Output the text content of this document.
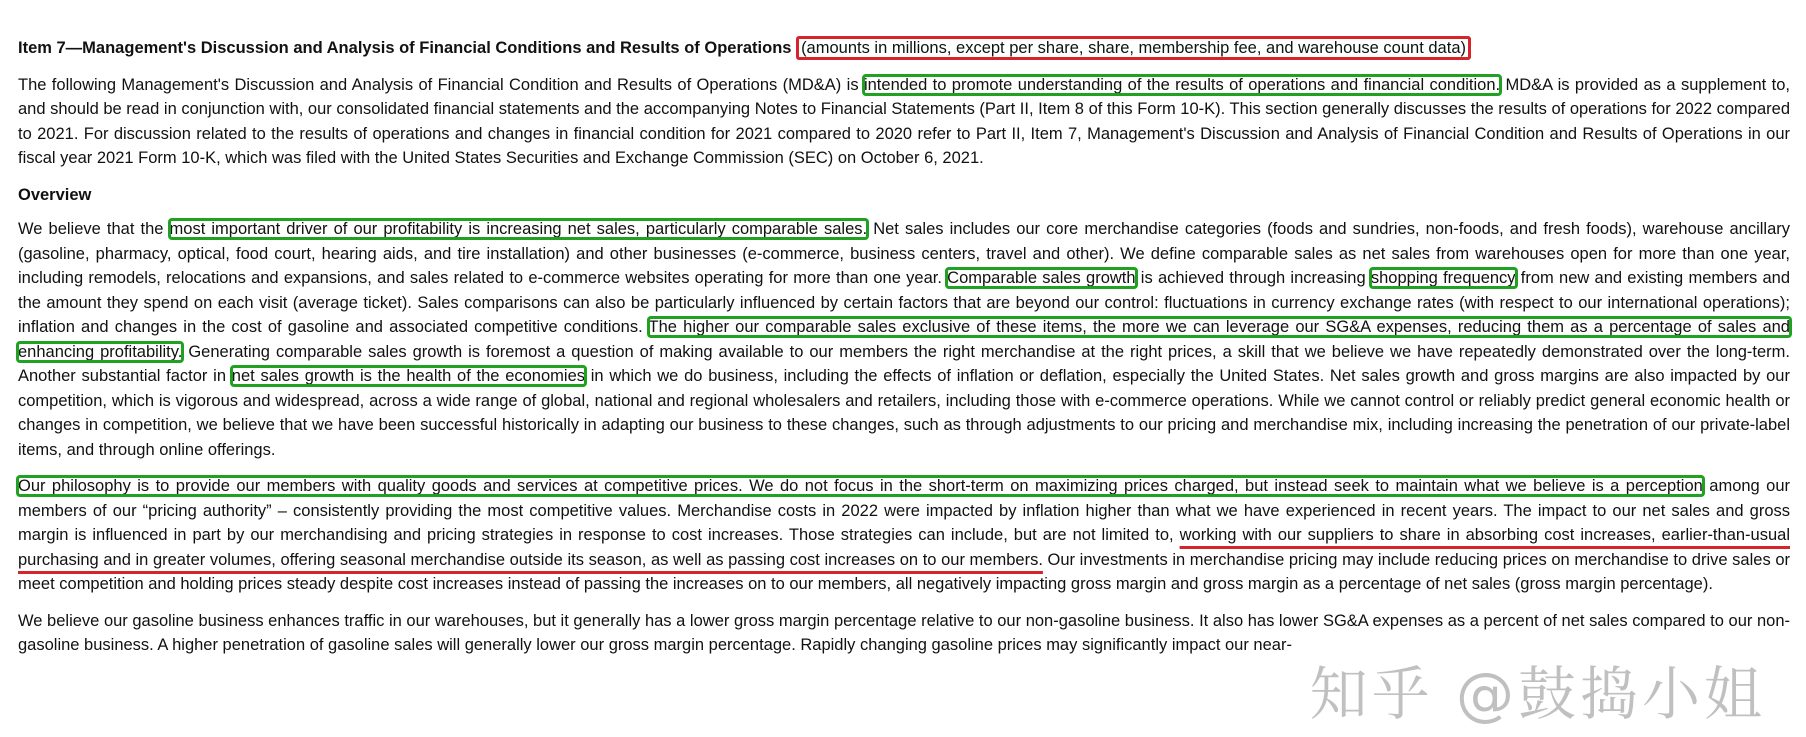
Item 7—Management's Discussion and Analysis of Financial Conditions and Results of Operations (amounts in millions, except per share, share, membership fee, and warehouse count data)

The following Management's Discussion and Analysis of Financial Condition and Results of Operations (MD&A) is intended to promote understanding of the results of operations and financial condition. MD&A is provided as a supplement to, and should be read in conjunction with, our consolidated financial statements and the accompanying Notes to Financial Statements (Part II, Item 8 of this Form 10-K). This section generally discusses the results of operations for 2022 compared to 2021. For discussion related to the results of operations and changes in financial condition for 2021 compared to 2020 refer to Part II, Item 7, Management's Discussion and Analysis of Financial Condition and Results of Operations in our fiscal year 2021 Form 10-K, which was filed with the United States Securities and Exchange Commission (SEC) on October 6, 2021.

Overview

We believe that the most important driver of our profitability is increasing net sales, particularly comparable sales. Net sales includes our core merchandise categories (foods and sundries, non-foods, and fresh foods), warehouse ancillary (gasoline, pharmacy, optical, food court, hearing aids, and tire installation) and other businesses (e-commerce, business centers, travel and other). We define comparable sales as net sales from warehouses open for more than one year, including remodels, relocations and expansions, and sales related to e-commerce websites operating for more than one year. Comparable sales growth is achieved through increasing shopping frequency from new and existing members and the amount they spend on each visit (average ticket). Sales comparisons can also be particularly influenced by certain factors that are beyond our control: fluctuations in currency exchange rates (with respect to our international operations); inflation and changes in the cost of gasoline and associated competitive conditions. The higher our comparable sales exclusive of these items, the more we can leverage our SG&A expenses, reducing them as a percentage of sales and enhancing profitability. Generating comparable sales growth is foremost a question of making available to our members the right merchandise at the right prices, a skill that we believe we have repeatedly demonstrated over the long-term. Another substantial factor in net sales growth is the health of the economies in which we do business, including the effects of inflation or deflation, especially the United States. Net sales growth and gross margins are also impacted by our competition, which is vigorous and widespread, across a wide range of global, national and regional wholesalers and retailers, including those with e-commerce operations. While we cannot control or reliably predict general economic health or changes in competition, we believe that we have been successful historically in adapting our business to these changes, such as through adjustments to our pricing and merchandise mix, including increasing the penetration of our private-label items, and through online offerings.

Our philosophy is to provide our members with quality goods and services at competitive prices. We do not focus in the short-term on maximizing prices charged, but instead seek to maintain what we believe is a perception among our members of our “pricing authority” – consistently providing the most competitive values. Merchandise costs in 2022 were impacted by inflation higher than what we have experienced in recent years. The impact to our net sales and gross margin is influenced in part by our merchandising and pricing strategies in response to cost increases. Those strategies can include, but are not limited to, working with our suppliers to share in absorbing cost increases, earlier-than-usual purchasing and in greater volumes, offering seasonal merchandise outside its season, as well as passing cost increases on to our members. Our investments in merchandise pricing may include reducing prices on merchandise to drive sales or meet competition and holding prices steady despite cost increases instead of passing the increases on to our members, all negatively impacting gross margin and gross margin as a percentage of net sales (gross margin percentage).

We believe our gasoline business enhances traffic in our warehouses, but it generally has a lower gross margin percentage relative to our non-gasoline business. It also has lower SG&A expenses as a percent of net sales compared to our non-gasoline business. A higher penetration of gasoline sales will generally lower our gross margin percentage. Rapidly changing gasoline prices may significantly impact our near-

知乎 @鼓捣小姐
